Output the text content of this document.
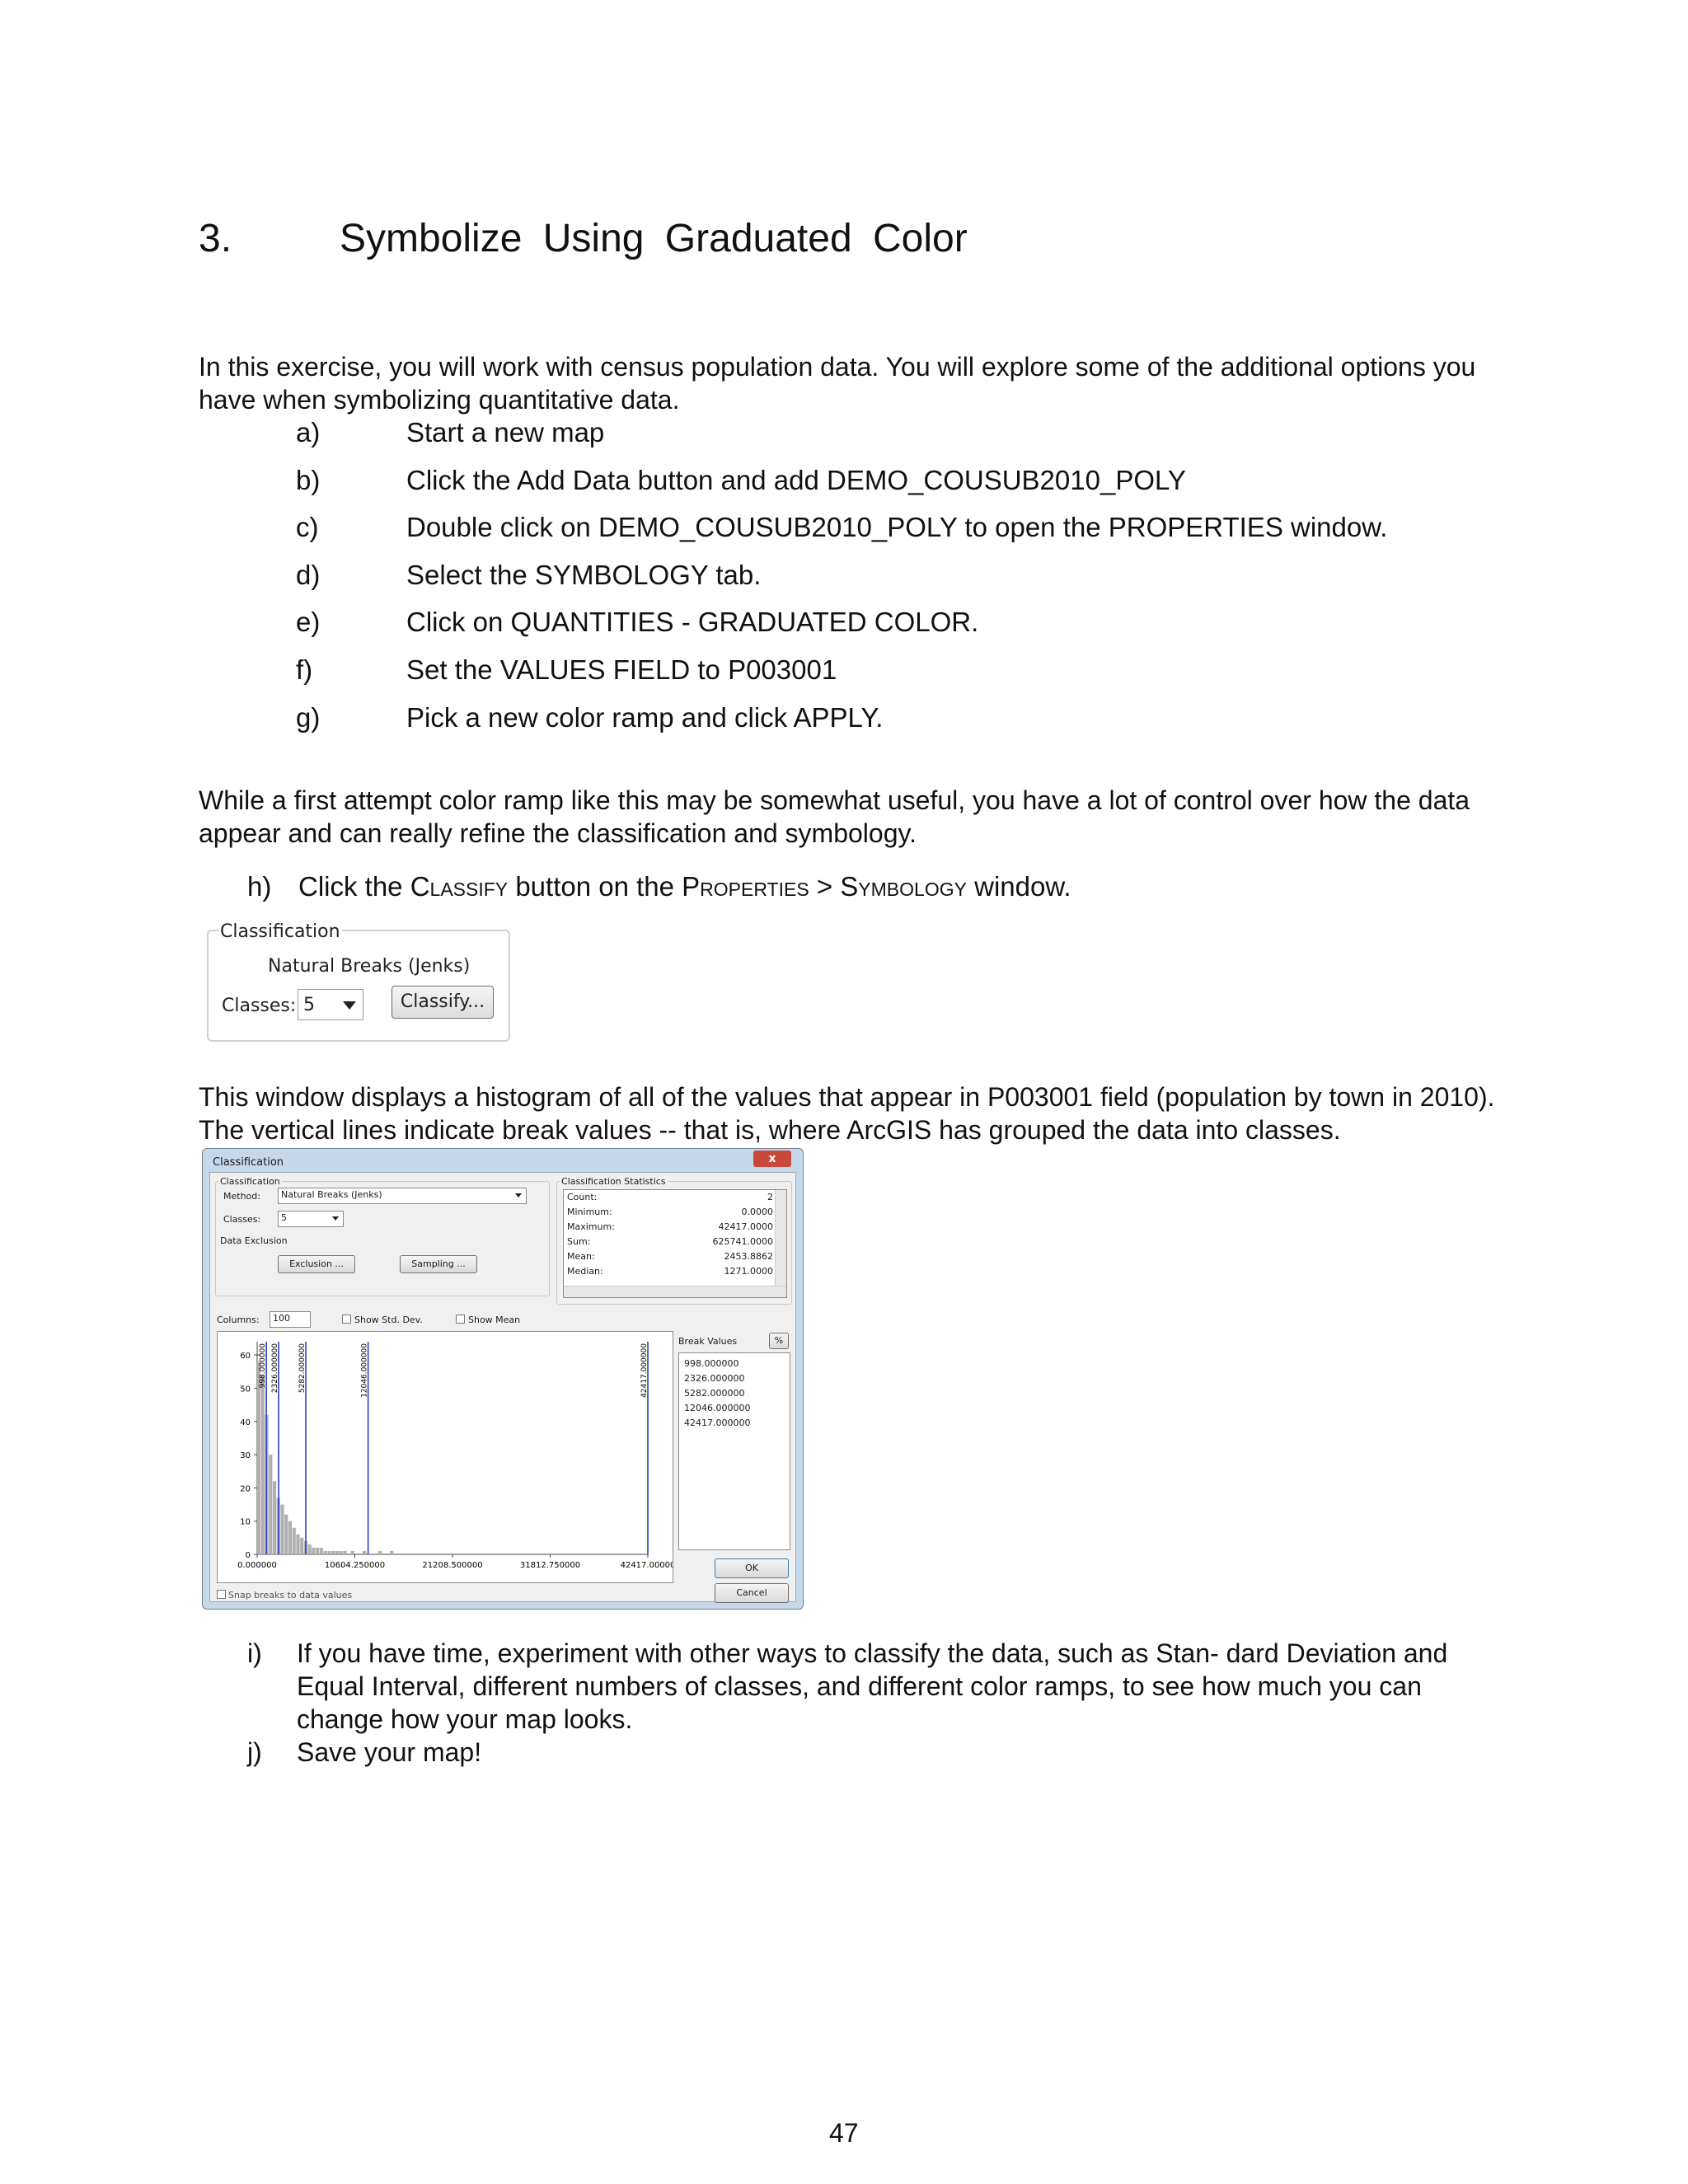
3.	Symbolize Using Graduated Color
In this exercise, you will work with census population data. You will explore some of the additional options you have when symbolizing quantitative data.
a)	Start a new map
b)	Click the Add Data button and add DEMO_COUSUB2010_POLY
c)	Double click on DEMO_COUSUB2010_POLY to open the PROPERTIES window.
d)	Select the SYMBOLOGY tab.
e)	Click on QUANTITIES - GRADUATED COLOR.
f)	Set the VALUES FIELD to P003001
g)	Pick a new color ramp and click APPLY.
While a first attempt color ramp like this may be somewhat useful, you have a lot of control over how the data appear and can really refine the classification and symbology.
h) Click the Classify button on the Properties > Symbology window.
Classification
Natural Breaks (Jenks)
Classes: 5	Classify...
This window displays a histogram of all of the values that appear in P003001 field (population by town in 2010). The vertical lines indicate break values -- that is, where ArcGIS has grouped the data into classes.
Classification	x
Classification
Method:	Natural Breaks (Jenks)
Classes:	5
Data Exclusion
Exclusion ...	Sampling ...
Classification Statistics
Count:	2
Minimum:	0.0000
Maximum:	42417.0000
Sum:	625741.0000
Mean:	2453.8862
Median:	1271.0000
Columns:	100	Show Std. Dev.	Show Mean
0
10
20
30
40
50
60
0.000000	10604.250000	21208.500000	31812.750000	42417.00000
998.000000 2326.000000	5282.000000	12046.000000	42417.000000
Break Values	%
998.000000
2326.000000
5282.000000
12046.000000
42417.000000
OK
Cancel
Snap breaks to data values
i) If you have time, experiment with other ways to classify the data, such as Stan- dard Deviation and Equal Interval, different numbers of classes, and different color ramps, to see how much you can change how your map looks.
j) Save your map!
47
